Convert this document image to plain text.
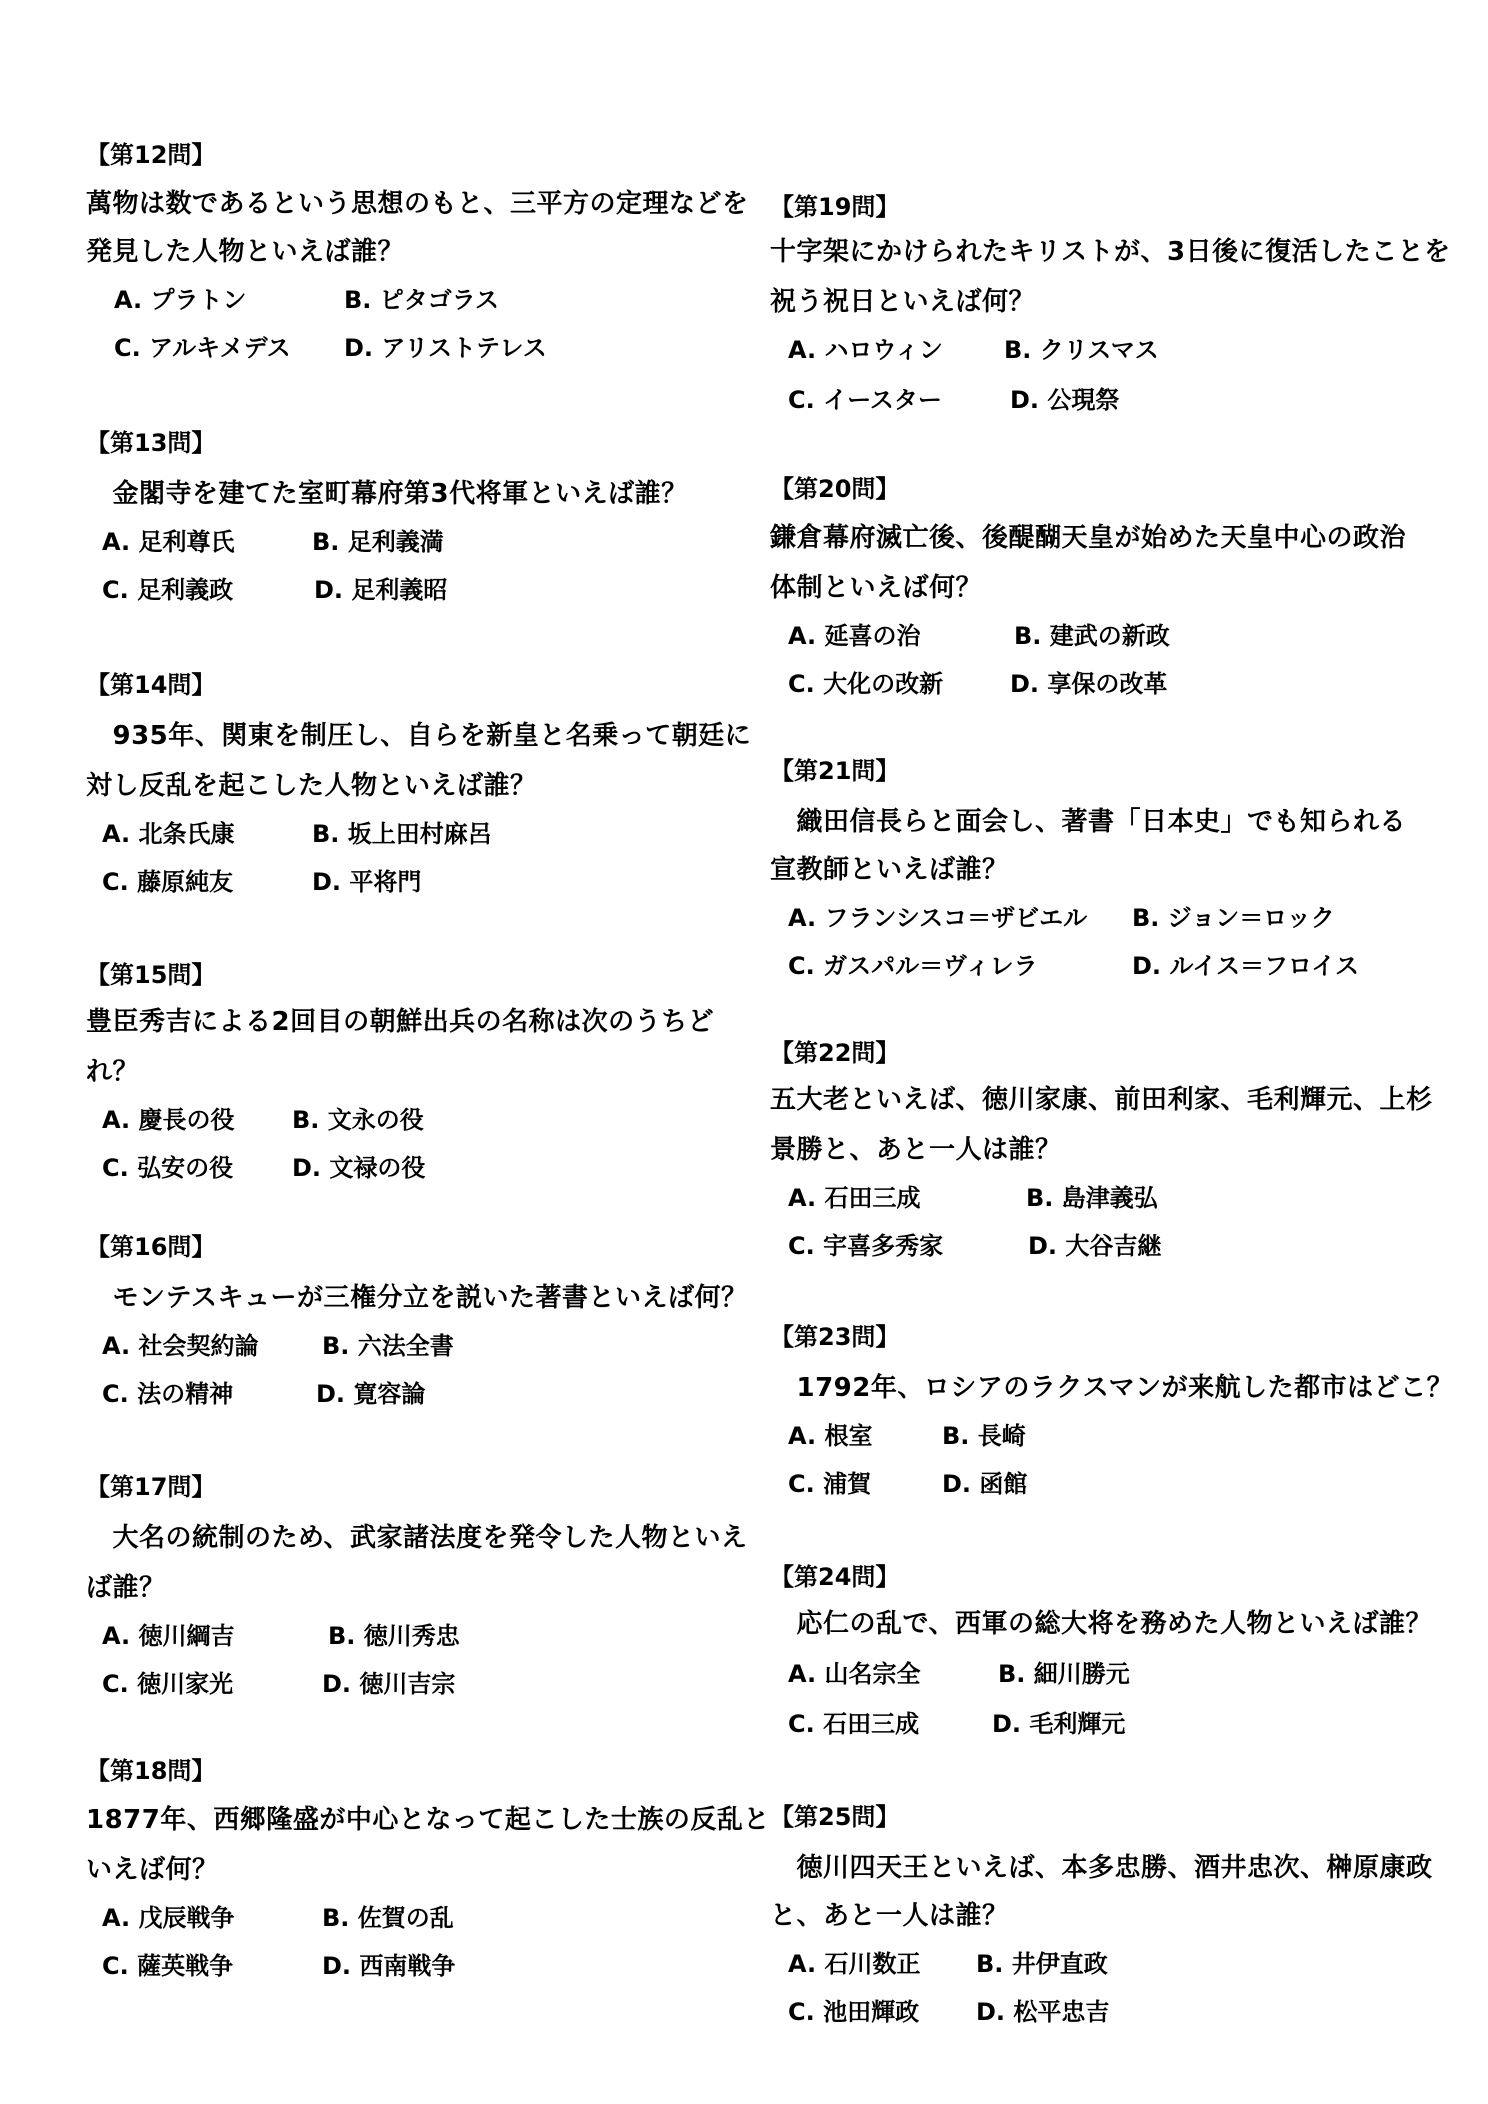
【第12問】
萬物は数であるという思想のもと、三平方の定理などを
発見した人物といえば誰？
A. プラトン	B. ピタゴラス
C. アルキメデス D. アリストテレス
【第13問】
　金閣寺を建てた室町幕府第3代将軍といえば誰？
A. 足利尊氏	B. 足利義満
C. 足利義政	D. 足利義昭
【第14問】
　935年、関東を制圧し、自らを新皇と名乗って朝廷に
対し反乱を起こした人物といえば誰？
A. 北条氏康	B. 坂上田村麻呂
C. 藤原純友	D. 平将門
【第15問】
豊臣秀吉による2回目の朝鮮出兵の名称は次のうちど
れ？
A. 慶長の役 B. 文永の役
C. 弘安の役 D. 文禄の役
【第16問】
　モンテスキューが三権分立を説いた著書といえば何？
A. 社会契約論	B. 六法全書
C. 法の精神	D. 寛容論
【第17問】
　大名の統制のため、武家諸法度を発令した人物といえ
ば誰？
A. 徳川綱吉	B. 徳川秀忠
C. 徳川家光	D. 徳川吉宗
【第18問】
1877年、西郷隆盛が中心となって起こした士族の反乱と
いえば何？
A. 戊辰戦争	B. 佐賀の乱
C. 薩英戦争	D. 西南戦争
【第19問】
十字架にかけられたキリストが、3日後に復活したことを
祝う祝日といえば何？
A. ハロウィン	B. クリスマス
C. イースター	D. 公現祭
【第20問】
鎌倉幕府滅亡後、後醍醐天皇が始めた天皇中心の政治
体制といえば何？
A. 延喜の治	B. 建武の新政
C. 大化の改新	D. 享保の改革
【第21問】
　織田信長らと面会し、著書「日本史」でも知られる
宣教師といえば誰？
A. フランシスコ＝ザビエル B. ジョン＝ロック
C. ガスパル＝ヴィレラ	D. ルイス＝フロイス
【第22問】
五大老といえば、徳川家康、前田利家、毛利輝元、上杉
景勝と、あと一人は誰？
A. 石田三成	B. 島津義弘
C. 宇喜多秀家	D. 大谷吉継
【第23問】
　1792年、ロシアのラクスマンが来航した都市はどこ？
A. 根室	B. 長崎
C. 浦賀	D. 函館
【第24問】
　応仁の乱で、西軍の総大将を務めた人物といえば誰？
A. 山名宗全	B. 細川勝元
C. 石田三成	D. 毛利輝元
【第25問】
　徳川四天王といえば、本多忠勝、酒井忠次、榊原康政
と、あと一人は誰？
A. 石川数正 B. 井伊直政
C. 池田輝政 D. 松平忠吉
